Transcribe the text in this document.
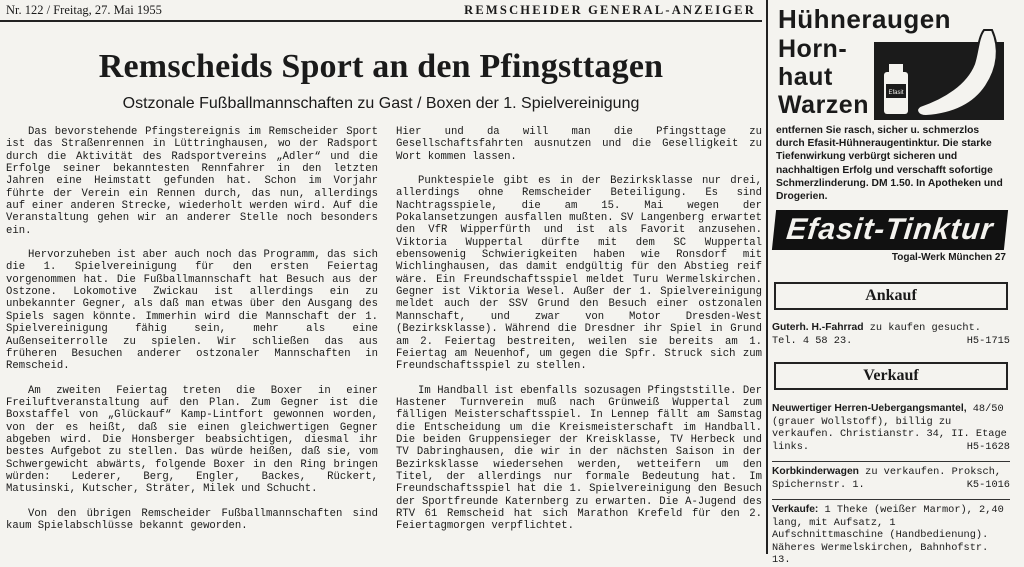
Nr. 122 / Freitag, 27. Mai 1955	REMSCHEIDER GENERAL-ANZEIGER
Remscheids Sport an den Pfingsttagen
Ostzonale Fußballmannschaften zu Gast / Boxen der 1. Spielvereinigung

Das bevorstehende Pfingstereignis im Remscheider Sport ist das Straßenrennen in Lüttringhausen, wo der Radsport durch die Aktivität des Radsportvereins „Adler“ und die Erfolge seiner bekanntesten Rennfahrer in den letzten Jahren eine Heimstatt gefunden hat. Schon im Vorjahr führte der Verein ein Rennen durch, das nun, allerdings auf einer anderen Strecke, wiederholt werden wird. Auf die Veranstaltung gehen wir an anderer Stelle noch besonders ein.

Hervorzuheben ist aber auch noch das Programm, das sich die 1. Spielvereinigung für den ersten Feiertag vorgenommen hat. Die Fußballmannschaft hat Besuch aus der Ostzone. Lokomotive Zwickau ist allerdings ein zu unbekannter Gegner, als daß man etwas über den Ausgang des Spiels sagen könnte. Immerhin wird die Mannschaft der 1. Spielvereinigung fähig sein, mehr als eine Außenseiterrolle zu spielen. Wir schließen das aus früheren Besuchen anderer ostzonaler Mannschaften in Remscheid.

Am zweiten Feiertag treten die Boxer in einer Freiluftveranstaltung auf den Plan. Zum Gegner ist die Boxstaffel von „Glückauf“ Kamp-Lintfort gewonnen worden, von der es heißt, daß sie einen gleichwertigen Gegner abgeben wird. Die Honsberger beabsichtigen, diesmal ihr bestes Aufgebot zu stellen. Das würde heißen, daß sie, vom Schwergewicht abwärts, folgende Boxer in den Ring bringen würden: Lederer, Berg, Engler, Backes, Rückert, Matusinski, Kutscher, Sträter, Milek und Schucht.

Von den übrigen Remscheider Fußballmannschaften sind kaum Spielabschlüsse bekannt geworden.

Hier und da will man die Pfingsttage zu Gesellschaftsfahrten ausnutzen und die Geselligkeit zu Wort kommen lassen.

Punktespiele gibt es in der Bezirksklasse nur drei, allerdings ohne Remscheider Beteiligung. Es sind Nachtragsspiele, die am 15. Mai wegen der Pokalansetzungen ausfallen mußten. SV Langenberg erwartet den VfR Wipperfürth und ist als Favorit anzusehen. Viktoria Wuppertal dürfte mit dem SC Wuppertal ebensowenig Schwierigkeiten haben wie Ronsdorf mit Wichlinghausen, das damit endgültig für den Abstieg reif wäre. Ein Freundschaftsspiel meldet Turu Wermelskirchen. Gegner ist Viktoria Wesel. Außer der 1. Spielvereinigung meldet auch der SSV Grund den Besuch einer ostzonalen Mannschaft, und zwar von Motor Dresden-West (Bezirksklasse). Während die Dresdner ihr Spiel in Grund am 2. Feiertag bestreiten, weilen sie bereits am 1. Feiertag am Neuenhof, um gegen die Spfr. Struck sich zum Freundschaftsspiel zu stellen.

Im Handball ist ebenfalls sozusagen Pfingststille. Der Hastener Turnverein muß nach Grünweiß Wuppertal zum fälligen Meisterschaftsspiel. In Lennep fällt am Samstag die Entscheidung um die Kreismeisterschaft im Handball. Die beiden Gruppensieger der Kreisklasse, TV Herbeck und TV Dabringhausen, die wir in der nächsten Saison in der Bezirksklasse wiedersehen werden, wetteifern um den Titel, der allerdings nur formale Bedeutung hat. Im Freundschaftsspiel hat die 1. Spielvereinigung den Besuch der Sportfreunde Katernberg zu erwarten. Die A-Jugend des RTV 61 Remscheid hat sich Marathon Krefeld für den 2. Feiertagmorgen verpflichtet.

Hühneraugen
Horn-
haut
Warzen	Efasit
entfernen Sie rasch, sicher u. schmerzlos durch Efasit-Hühneraugentinktur. Die starke Tiefenwirkung verbürgt sicheren und nachhaltigen Erfolg und verschafft sofortige Schmerzlinderung. DM 1.50. In Apotheken und Drogerien.
Efasit-Tinktur
Togal-Werk München 27
Ankauf
Guterh. H.-Fahrrad zu kaufen gesucht. Tel. 4 58 23.	H5-1715
Verkauf
Neuwertiger Herren-Uebergangsmantel, 48/50 (grauer Wollstoff), billig zu verkaufen. Christianstr. 34, II. Etage links.	H5-1628
Korbkinderwagen zu verkaufen. Proksch, Spichernstr. 1.	K5-1016
Verkaufe: 1 Theke (weißer Marmor), 2,40 lang, mit Aufsatz, 1 Aufschnittmaschine (Handbedienung). Näheres Wermelskirchen, Bahnhofstr. 13.
